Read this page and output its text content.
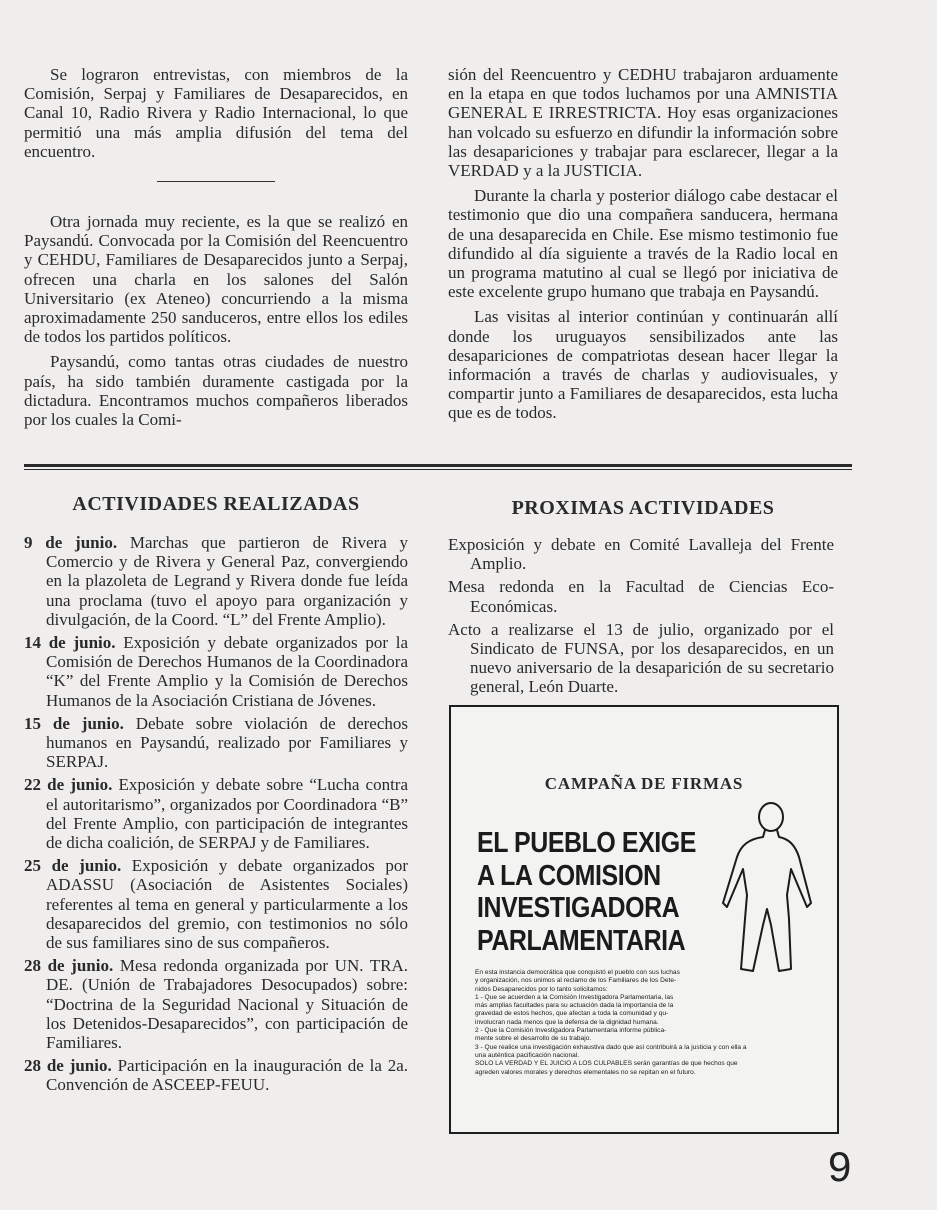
Se lograron entrevistas, con miembros de la Comisión, Serpaj y Familiares de Desaparecidos, en Canal 10, Radio Rivera y Radio Internacional, lo que permitió una más amplia difusión del tema del encuentro.

Otra jornada muy reciente, es la que se realizó en Paysandú. Convocada por la Comisión del Reencuentro y CEHDU, Familiares de Desaparecidos junto a Serpaj, ofrecen una charla en los salones del Salón Universitario (ex Ateneo) concurriendo a la misma aproximadamente 250 sanduceros, entre ellos los ediles de todos los partidos políticos.

Paysandú, como tantas otras ciudades de nuestro país, ha sido también duramente castigada por la dictadura. Encontramos muchos compañeros liberados por los cuales la Comi-

sión del Reencuentro y CEDHU trabajaron arduamente en la etapa en que todos luchamos por una AMNISTIA GENERAL E IRRESTRICTA. Hoy esas organizaciones han volcado su esfuerzo en difundir la información sobre las desapariciones y trabajar para esclarecer, llegar a la VERDAD y a la JUSTICIA.

Durante la charla y posterior diálogo cabe destacar el testimonio que dio una compañera sanducera, hermana de una desaparecida en Chile. Ese mismo testimonio fue difundido al día siguiente a través de la Radio local en un programa matutino al cual se llegó por iniciativa de este excelente grupo humano que trabaja en Paysandú.

Las visitas al interior continúan y continuarán allí donde los uruguayos sensibilizados ante las desapariciones de compatriotas desean hacer llegar la información a través de charlas y audiovisuales, y compartir junto a Familiares de desaparecidos, esta lucha que es de todos.

ACTIVIDADES REALIZADAS	PROXIMAS ACTIVIDADES
9 de junio. Marchas que partieron de Rivera y Comercio y de Rivera y General Paz, convergiendo en la plazoleta de Legrand y Rivera donde fue leída una proclama (tuvo el apoyo para organización y divulgación, de la Coord. “L” del Frente Amplio).
14 de junio. Exposición y debate organizados por la Comisión de Derechos Humanos de la Coordinadora “K” del Frente Amplio y la Comisión de Derechos Humanos de la Asociación Cristiana de Jóvenes.
15 de junio. Debate sobre violación de derechos humanos en Paysandú, realizado por Familiares y SERPAJ.
22 de junio. Exposición y debate sobre “Lucha contra el autoritarismo”, organizados por Coordinadora “B” del Frente Amplio, con participación de integrantes de dicha coalición, de SERPAJ y de Familiares.
25 de junio. Exposición y debate organizados por ADASSU (Asociación de Asistentes Sociales) referentes al tema en general y particularmente a los desaparecidos del gremio, con testimonios no sólo de sus familiares sino de sus compañeros.
28 de junio. Mesa redonda organizada por UN. TRA. DE. (Unión de Trabajadores Desocupados) sobre: “Doctrina de la Seguridad Nacional y Situación de los Detenidos-Desaparecidos”, con participación de Familiares.
28 de junio. Participación en la inauguración de la 2a. Convención de ASCEEP-FEUU.
Exposición y debate en Comité Lavalleja del Frente Amplio.
Mesa redonda en la Facultad de Ciencias Eco-Económicas.
Acto a realizarse el 13 de julio, organizado por el Sindicato de FUNSA, por los desaparecidos, en un nuevo aniversario de la desaparición de su secretario general, León Duarte.
CAMPAÑA DE FIRMAS
EL PUEBLO EXIGE
A LA COMISION
INVESTIGADORA
PARLAMENTARIA
En esta instancia democrática que conquistó el pueblo con sus luchas
y organización, nos unimos al reclamo de los Familiares de los Dete-
nidos Desaparecidos por lo tanto solicitamos:
1 - Que se acuerden a la Comisión Investigadora Parlamentaria, las
más amplias facultades para su actuación dada la importancia de la
gravedad de estos hechos, que afectan a toda la comunidad y qu-
involucran nada menos que la defensa de la dignidad humana.
2 - Que la Comisión Investigadora Parlamentaria informe pública-
mente sobre el desarrollo de su trabajo.
3 - Que realice una investigación exhaustiva dado que así contribuirá a la justicia y con ella a
una auténtica pacificación nacional.
SOLO LA VERDAD Y EL JUICIO A LOS CULPABLES serán garantías de que hechos que
agreden valores morales y derechos elementales no se repitan en el futuro.
9
